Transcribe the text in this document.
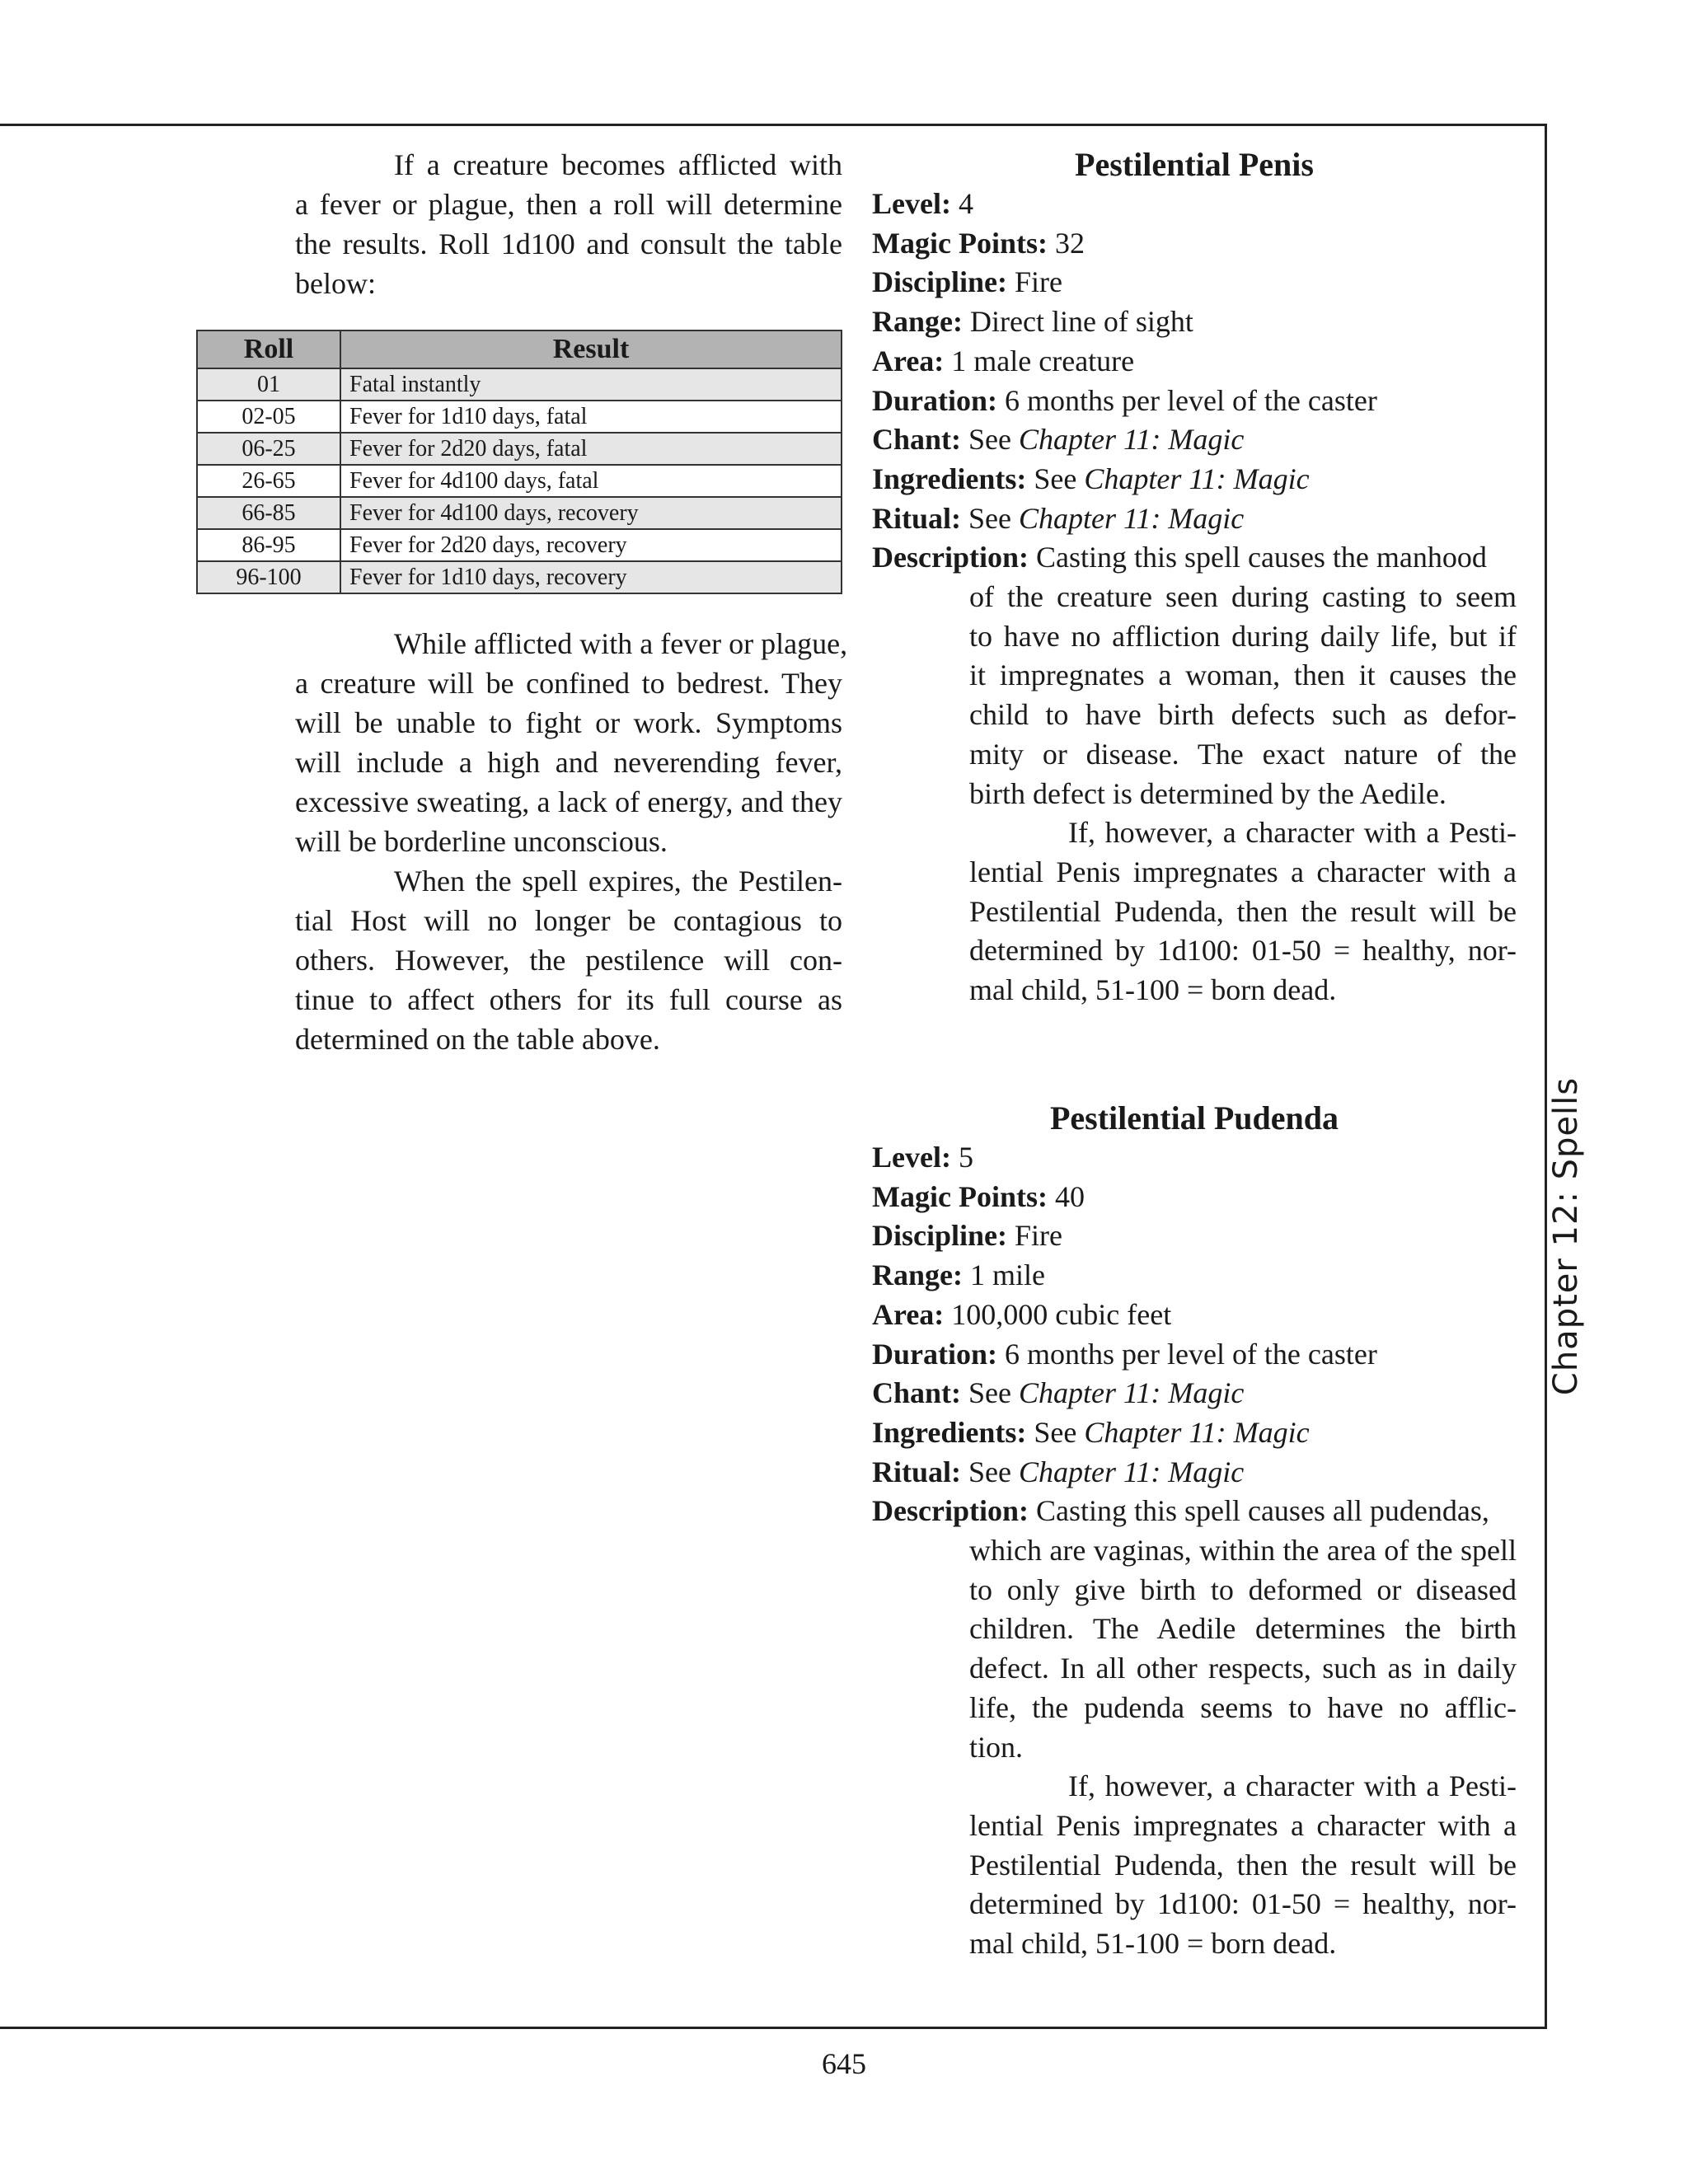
If a creature becomes afflicted with
a fever or plague, then a roll will determine
the results. Roll 1d100 and consult the table
below:
Roll	Result
01	Fatal instantly
02-05	Fever for 1d10 days, fatal
06-25	Fever for 2d20 days, fatal
26-65	Fever for 4d100 days, fatal
66-85	Fever for 4d100 days, recovery
86-95	Fever for 2d20 days, recovery
96-100	Fever for 1d10 days, recovery
While afflicted with a fever or plague,
a creature will be confined to bedrest. They
will be unable to fight or work. Symptoms
will include a high and neverending fever,
excessive sweating, a lack of energy, and they
will be borderline unconscious.
When the spell expires, the Pestilen-
tial Host will no longer be contagious to
others. However, the pestilence will con-
tinue to affect others for its full course as
determined on the table above.
Pestilential Penis
Level: 4
Magic Points: 32
Discipline: Fire
Range: Direct line of sight
Area: 1 male creature
Duration: 6 months per level of the caster
Chant: See Chapter 11: Magic
Ingredients: See Chapter 11: Magic
Ritual: See Chapter 11: Magic
Description: Casting this spell causes the manhood
of the creature seen during casting to seem
to have no affliction during daily life, but if
it impregnates a woman, then it causes the
child to have birth defects such as defor-
mity or disease. The exact nature of the
birth defect is determined by the Aedile.
If, however, a character with a Pesti-
lential Penis impregnates a character with a
Pestilential Pudenda, then the result will be
determined by 1d100: 01-50 = healthy, nor-
mal child, 51-100 = born dead.
Pestilential Pudenda
Level: 5
Magic Points: 40
Discipline: Fire
Range: 1 mile
Area: 100,000 cubic feet
Duration: 6 months per level of the caster
Chant: See Chapter 11: Magic
Ingredients: See Chapter 11: Magic
Ritual: See Chapter 11: Magic
Description: Casting this spell causes all pudendas,
which are vaginas, within the area of the spell
to only give birth to deformed or diseased
children. The Aedile determines the birth
defect. In all other respects, such as in daily
life, the pudenda seems to have no afflic-
tion.
If, however, a character with a Pesti-
lential Penis impregnates a character with a
Pestilential Pudenda, then the result will be
determined by 1d100: 01-50 = healthy, nor-
mal child, 51-100 = born dead.
Chapter 12: Spells
645
